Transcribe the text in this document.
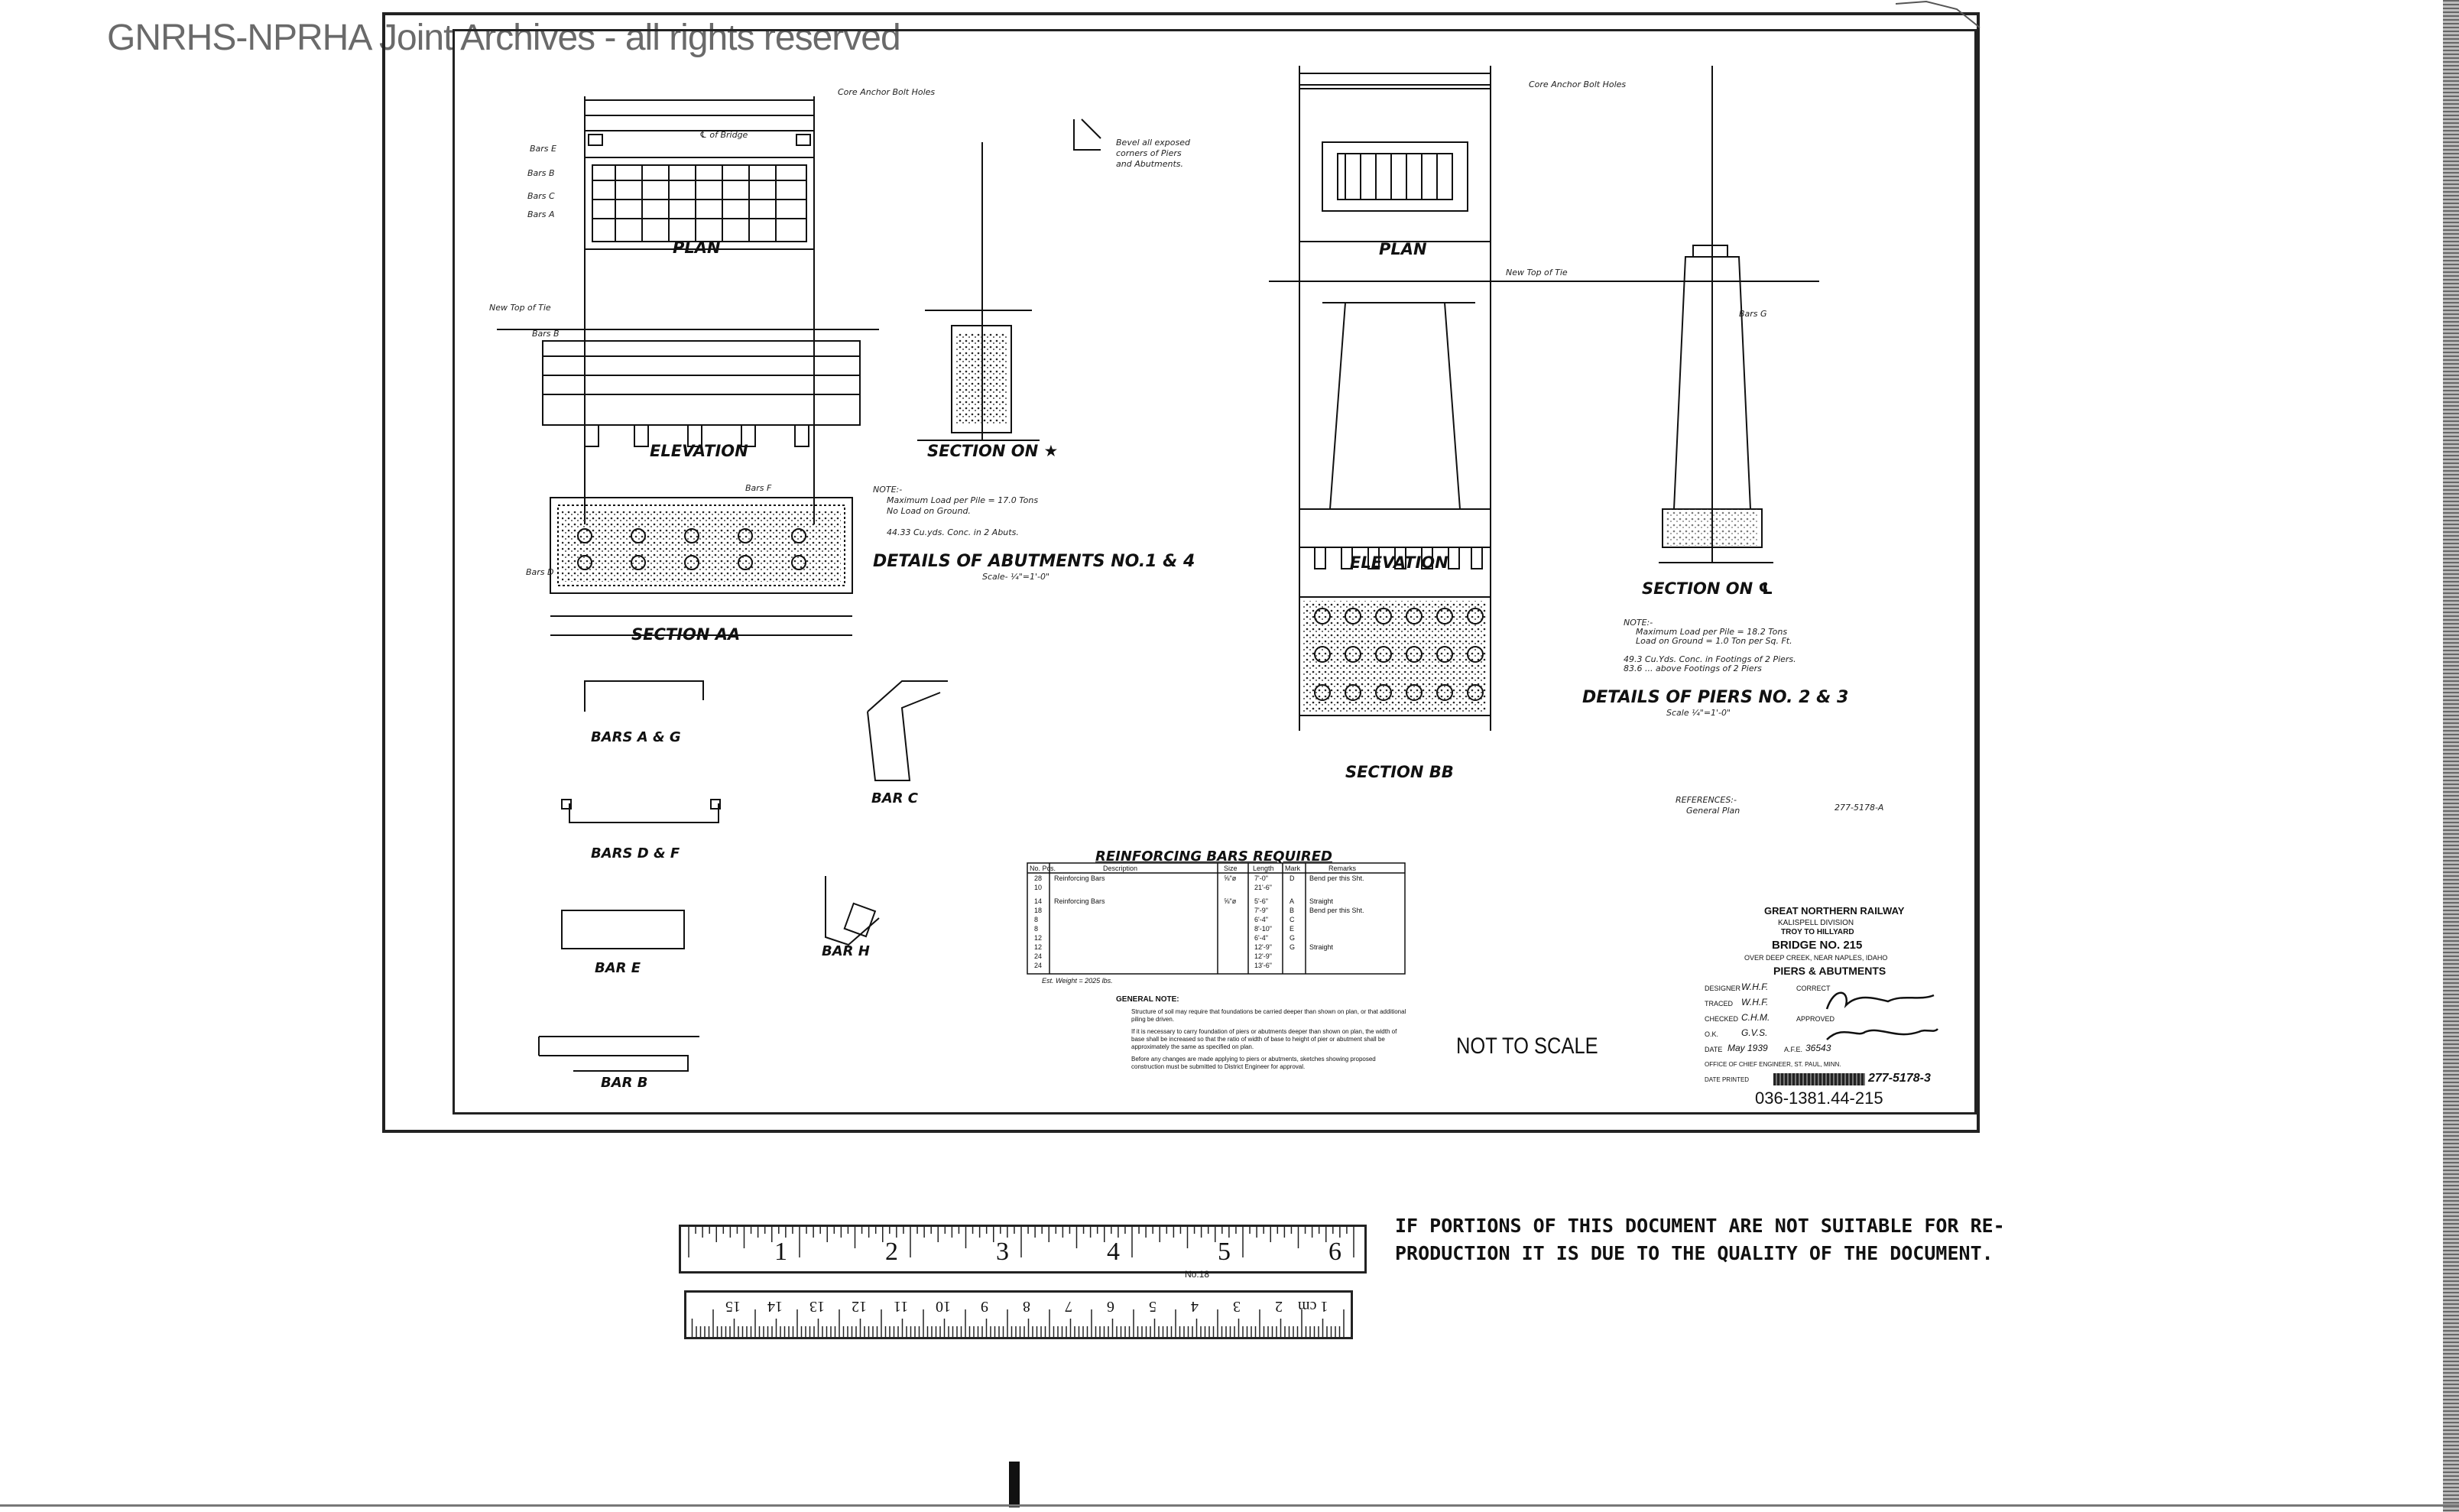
GNRHS-NPRHA Joint Archives - all rights reserved
PLAN
ELEVATION	SECTION ON ★
SECTION AA
DETAILS OF ABUTMENTS NO.1 & 4
Scale- ¼"=1'-0"
NOTE:-
Maximum Load per Pile = 17.0 Tons
No Load on Ground.
44.33 Cu.yds. Conc. in 2 Abuts.
Core Anchor Bolt Holes
Bevel all exposed
corners of Piers
and Abutments.
℄ of Bridge
New Top of Tie
Bars E
Bars B
Bars C
Bars A
Bars B
Bars F
Bars D
BARS A & G
BARS D & F
BAR C
BAR H
BAR E
BAR B
PLAN
ELEVATION
SECTION ON ℄
SECTION BB
DETAILS OF PIERS NO. 2 & 3
Scale ¼"=1'-0"
NOTE:-
Maximum Load per Pile = 18.2 Tons
Load on Ground = 1.0 Ton per Sq. Ft.
49.3 Cu.Yds. Conc. in Footings of 2 Piers.
83.6 ... above Footings of 2 Piers
Core Anchor Bolt Holes
New Top of Tie
Bars G
REFERENCES:-
General Plan	277-5178-A
REINFORCING BARS REQUIRED
No. Pcs.	Description	Size Length Mark	Remarks
28 Reinforcing Bars	⅝"ø	7'-0"	D Bend per this Sht.
10	21'-6"
14 Reinforcing Bars	⅝"ø	5'-6"	A Straight
18	7'-9"	B Bend per this Sht.
8	6'-4"	C
8	8'-10"	E
12	6'-4"	G
12	12'-9"	G Straight
24	12'-9"
24	13'-6"
Est. Weight = 2025 lbs.
GENERAL NOTE:
Structure of soil may require that foundations be carried deeper than shown on plan, or that additional piling be driven.
If it is necessary to carry foundation of piers or abutments deeper than shown on plan, the width of base shall be increased so that the ratio of width of base to height of pier or abutment shall be approximately the same as specified on plan.
Before any changes are made applying to piers or abutments, sketches showing proposed construction must be submitted to District Engineer for approval.
NOT TO SCALE
GREAT NORTHERN RAILWAY
KALISPELL DIVISION
TROY TO HILLYARD
BRIDGE NO. 215
OVER DEEP CREEK, NEAR NAPLES, IDAHO
PIERS & ABUTMENTS
DESIGNER W.H.F.	CORRECT
TRACED W.H.F.
CHECKED C.H.M.	APPROVED
O.K. G.V.S.
DATE May 1939 A.F.E. 36543
OFFICE OF CHIEF ENGINEER, ST. PAUL, MINN.
DATE PRINTED	277-5178-3
036-1381.44-215
1	2	3	4	5	6
No.18
1 cm
2
3
4
5
6
7
8
9
10
11
12
13
14
15
IF PORTIONS OF THIS DOCUMENT ARE NOT SUITABLE FOR RE-
PRODUCTION IT IS DUE TO THE QUALITY OF THE DOCUMENT.
